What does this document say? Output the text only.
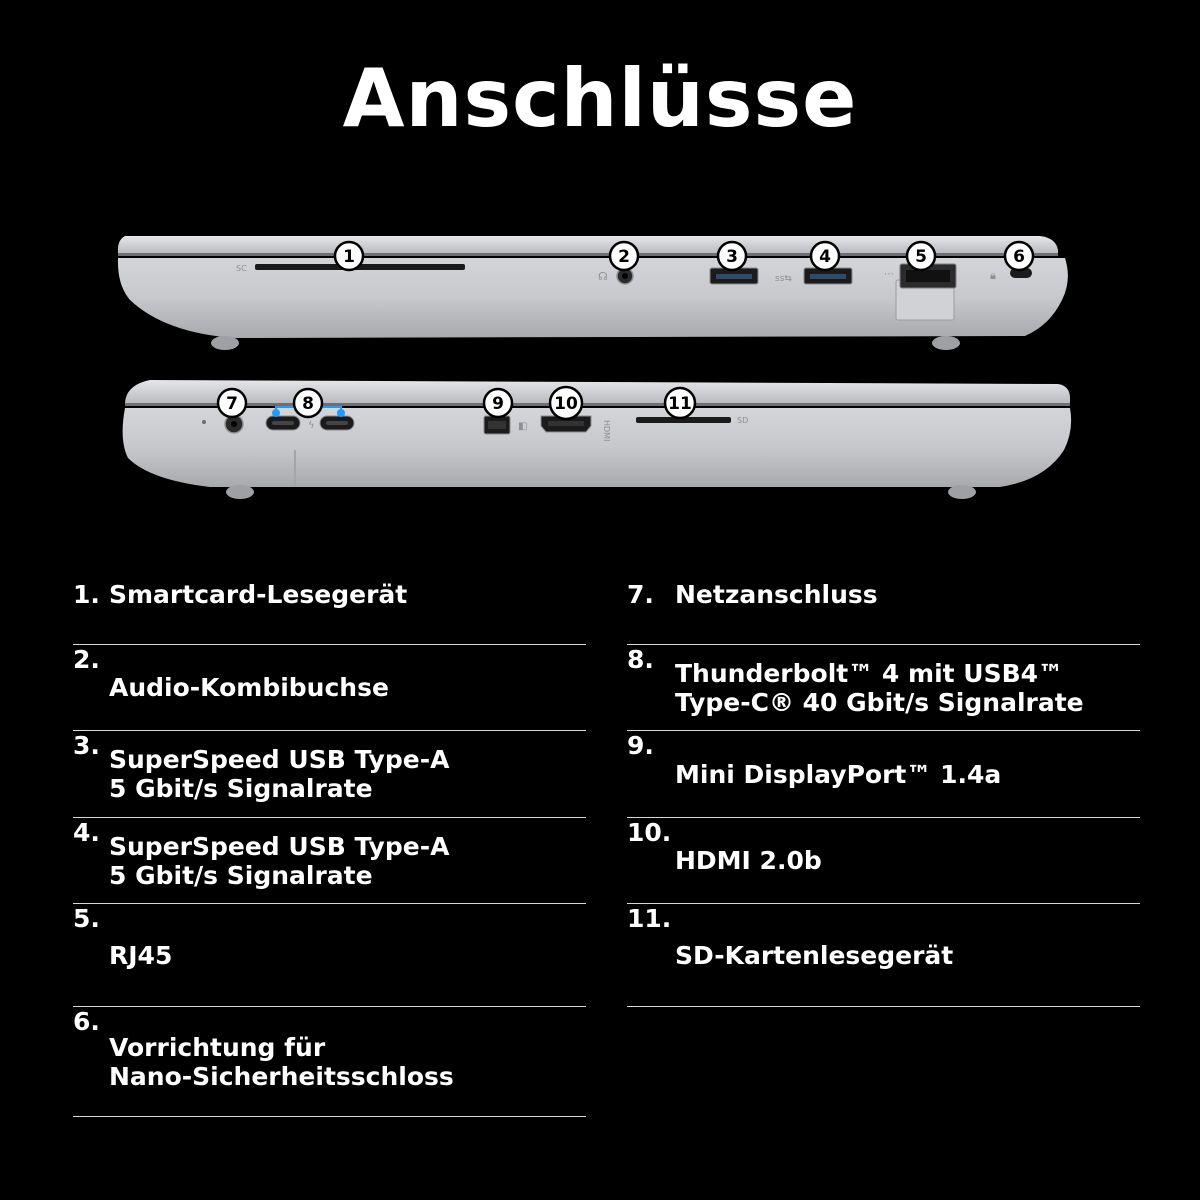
Anschlüsse
SC
☊	ss⇆	⋯	🔒︎
1	2	3	4	5	6
ϟ	◧	HDMI	SD
7	8	9	10	11
1. Smartcard-Lesegerät
2.
Audio-Kombibuchse
3. SuperSpeed USB Type-A
5 Gbit/s Signalrate
4. SuperSpeed USB Type-A
5 Gbit/s Signalrate
5.
RJ45
6.
Vorrichtung für
Nano-Sicherheitsschloss
7. Netzanschluss
8. Thunderbolt™ 4 mit USB4™
Type-C® 40 Gbit/s Signalrate
9.
Mini DisplayPort™ 1.4a
10.
HDMI 2.0b
11.
SD-Kartenlesegerät
